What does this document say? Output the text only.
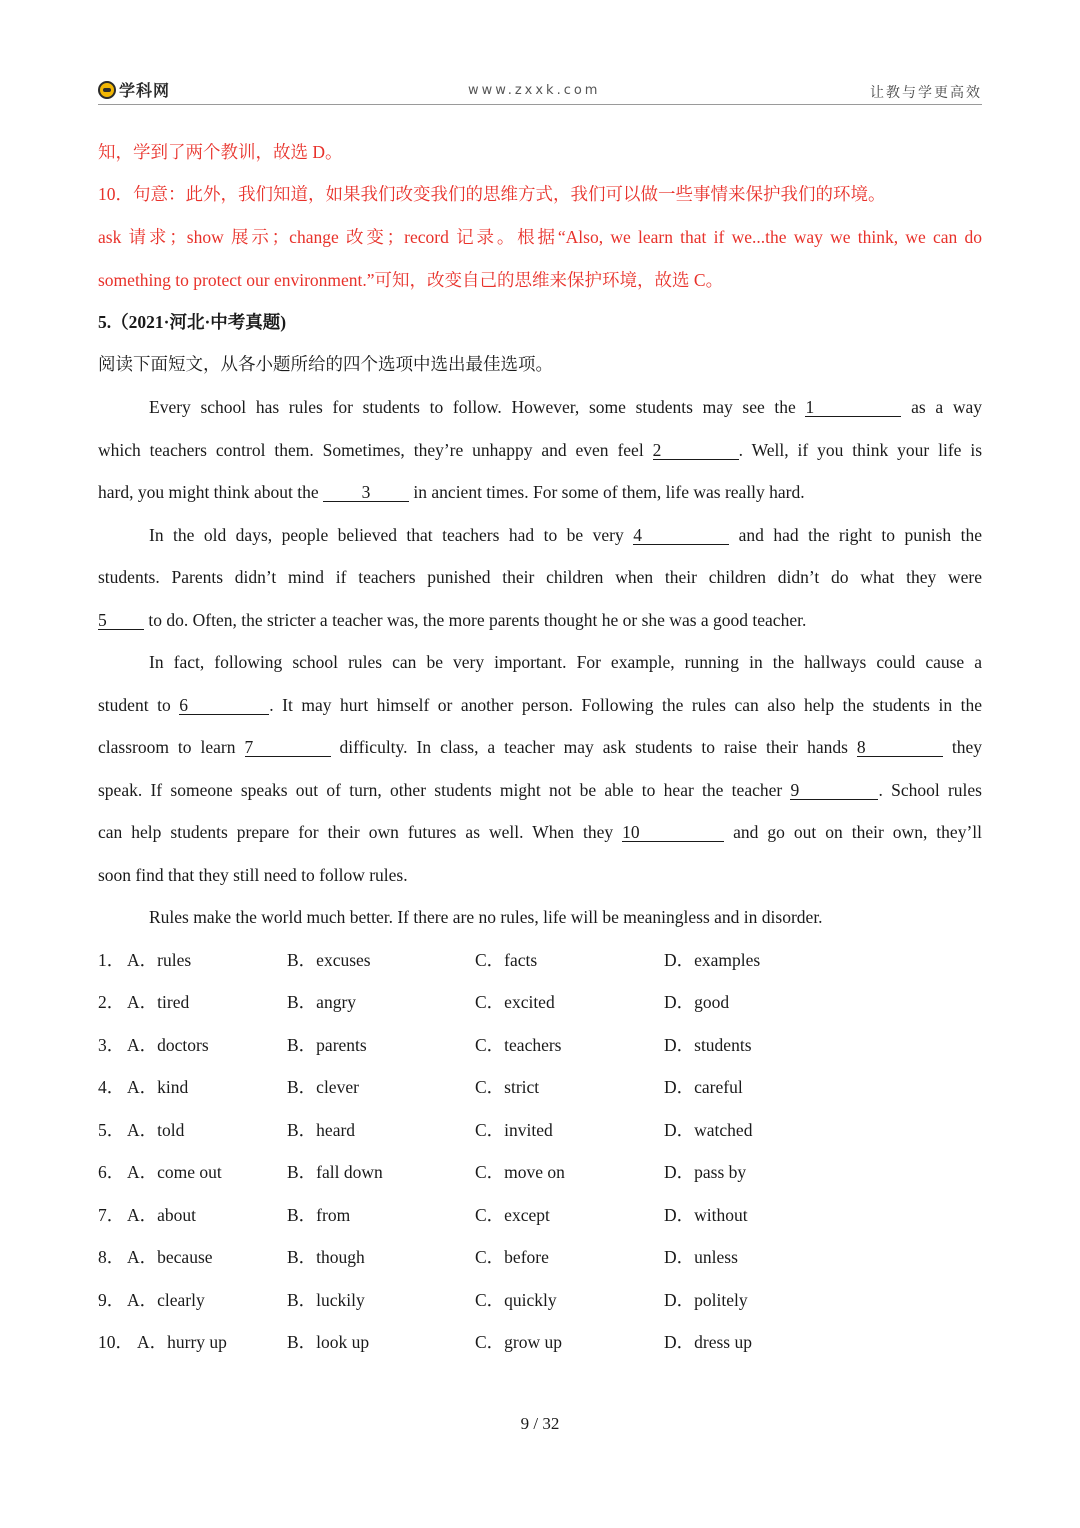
学科网	www.zxxk.com	让教与学更高效
知，学到了两个教训，故选 D。
10．句意：此外，我们知道，如果我们改变我们的思维方式，我们可以做一些事情来保护我们的环境。
ask 请求；show 展示；change 改变；record 记录。根据“Also, we learn that if we...the way we think, we can do
something to protect our environment.”可知，改变自己的思维来保护环境，故选 C。
5.（2021·河北·中考真题)
阅读下面短文，从各小题所给的四个选项中选出最佳选项。
Every school has rules for students to follow. However, some students may see the 1	as a way
which teachers control them. Sometimes, they’re unhappy and even feel 2	. Well, if you think your life is
hard, you might think about the 3 in ancient times. For some of them, life was really hard.
In the old days, people believed that teachers had to be very 4	and had the right to punish the
students. Parents didn’t mind if teachers punished their children when their children didn’t do what they were
5 to do. Often, the stricter a teacher was, the more parents thought he or she was a good teacher.
In fact, following school rules can be very important. For example, running in the hallways could cause a
student to 6	. It may hurt himself or another person. Following the rules can also help the students in the
classroom to learn 7	difficulty. In class, a teacher may ask students to raise their hands 8	they
speak. If someone speaks out of turn, other students might not be able to hear the teacher 9	. School rules
can help students prepare for their own futures as well. When they 10	and go out on their own, they’ll
soon find that they still need to follow rules.
Rules make the world much better. If there are no rules, life will be meaningless and in disorder.
1． A．rules	B．excuses	C．facts	D．examples
2． A．tired	B．angry	C．excited	D．good
3． A．doctors	B．parents	C．teachers	D．students
4． A．kind	B．clever	C．strict	D．careful
5． A．told	B．heard	C．invited	D．watched
6． A．come out	B．fall down	C．move on	D．pass by
7． A．about	B．from	C．except	D．without
8． A．because	B．though	C．before	D．unless
9． A．clearly	B．luckily	C．quickly	D．politely
10． A．hurry up	B．look up	C．grow up	D．dress up
9 / 32
